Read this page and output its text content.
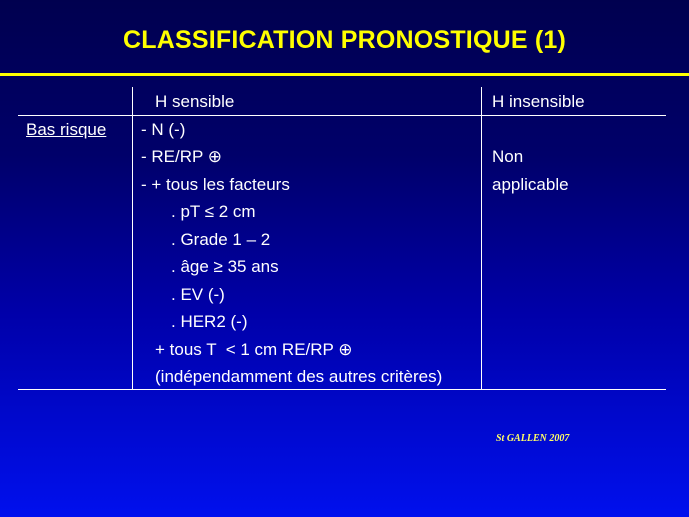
CLASSIFICATION PRONOSTIQUE (1)
H sensible	H insensible
Bas risque - N (-)
- RE/RP ⊕
- + tous les facteurs
. pT ≤ 2 cm
. Grade 1 – 2
. âge ≥ 35 ans
. EV (-)
. HER2 (-)
+ tous T  < 1 cm RE/RP ⊕
(indépendamment des autres critères)
Non
applicable
St GALLEN 2007
